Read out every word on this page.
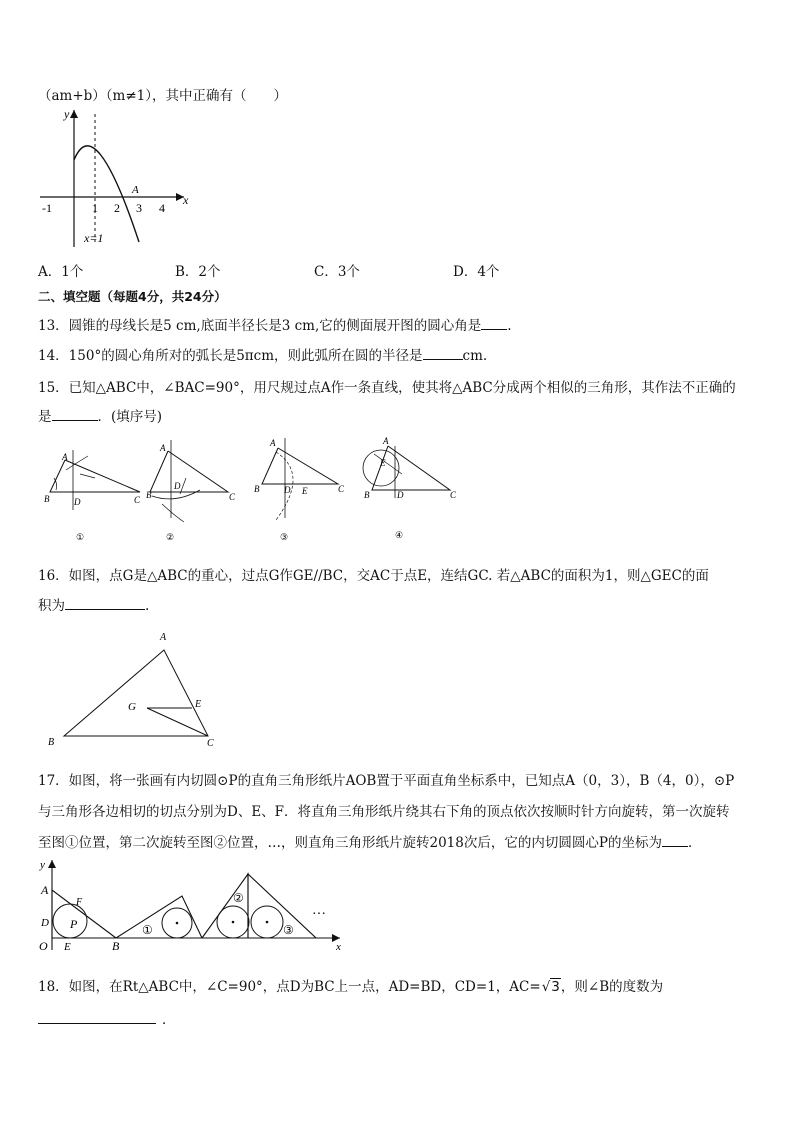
（am+b）（m≠1），其中正确有（　　）
y
x
-1	1 2 3 4
A
x=1
A．1个	B．2个	C．3个	D．4个
二、填空题（每题4分，共24分）
13．圆锥的母线长是5 cm,底面半径长是3 cm,它的侧面展开图的圆心角是 .
14．150°的圆心角所对的弧长是5πcm，则此弧所在圆的半径是	cm.
15．已知△ABC中，∠BAC=90°，用尺规过点A作一条直线，使其将△ABC分成两个相似的三角形，其作法不正确的
是	．(填序号)
A
B	C
D
①
A
B	C
D
②
A
B	C
D E
③
A
B	C
D
E
④
16．如图，点G是△ABC的重心，过点G作GE//BC，交AC于点E，连结GC. 若△ABC的面积为1，则△GEC的面
积为	.
A
B	C
G	E
17．如图，将一张画有内切圆⊙P的直角三角形纸片AOB置于平面直角坐标系中，已知点A（0，3），B（4，0），⊙P
与三角形各边相切的切点分别为D、E、F．将直角三角形纸片绕其右下角的顶点依次按顺时针方向旋转，第一次旋转
至图①位置，第二次旋转至图②位置，…，则直角三角形纸片旋转2018次后，它的内切圆圆心P的坐标为 ．
y
x
A
F
D P
O E	B
①
②
③
…
18．如图，在Rt△ABC中，∠C=90°，点D为BC上一点，AD=BD，CD=1，AC=√3，则∠B的度数为
．
